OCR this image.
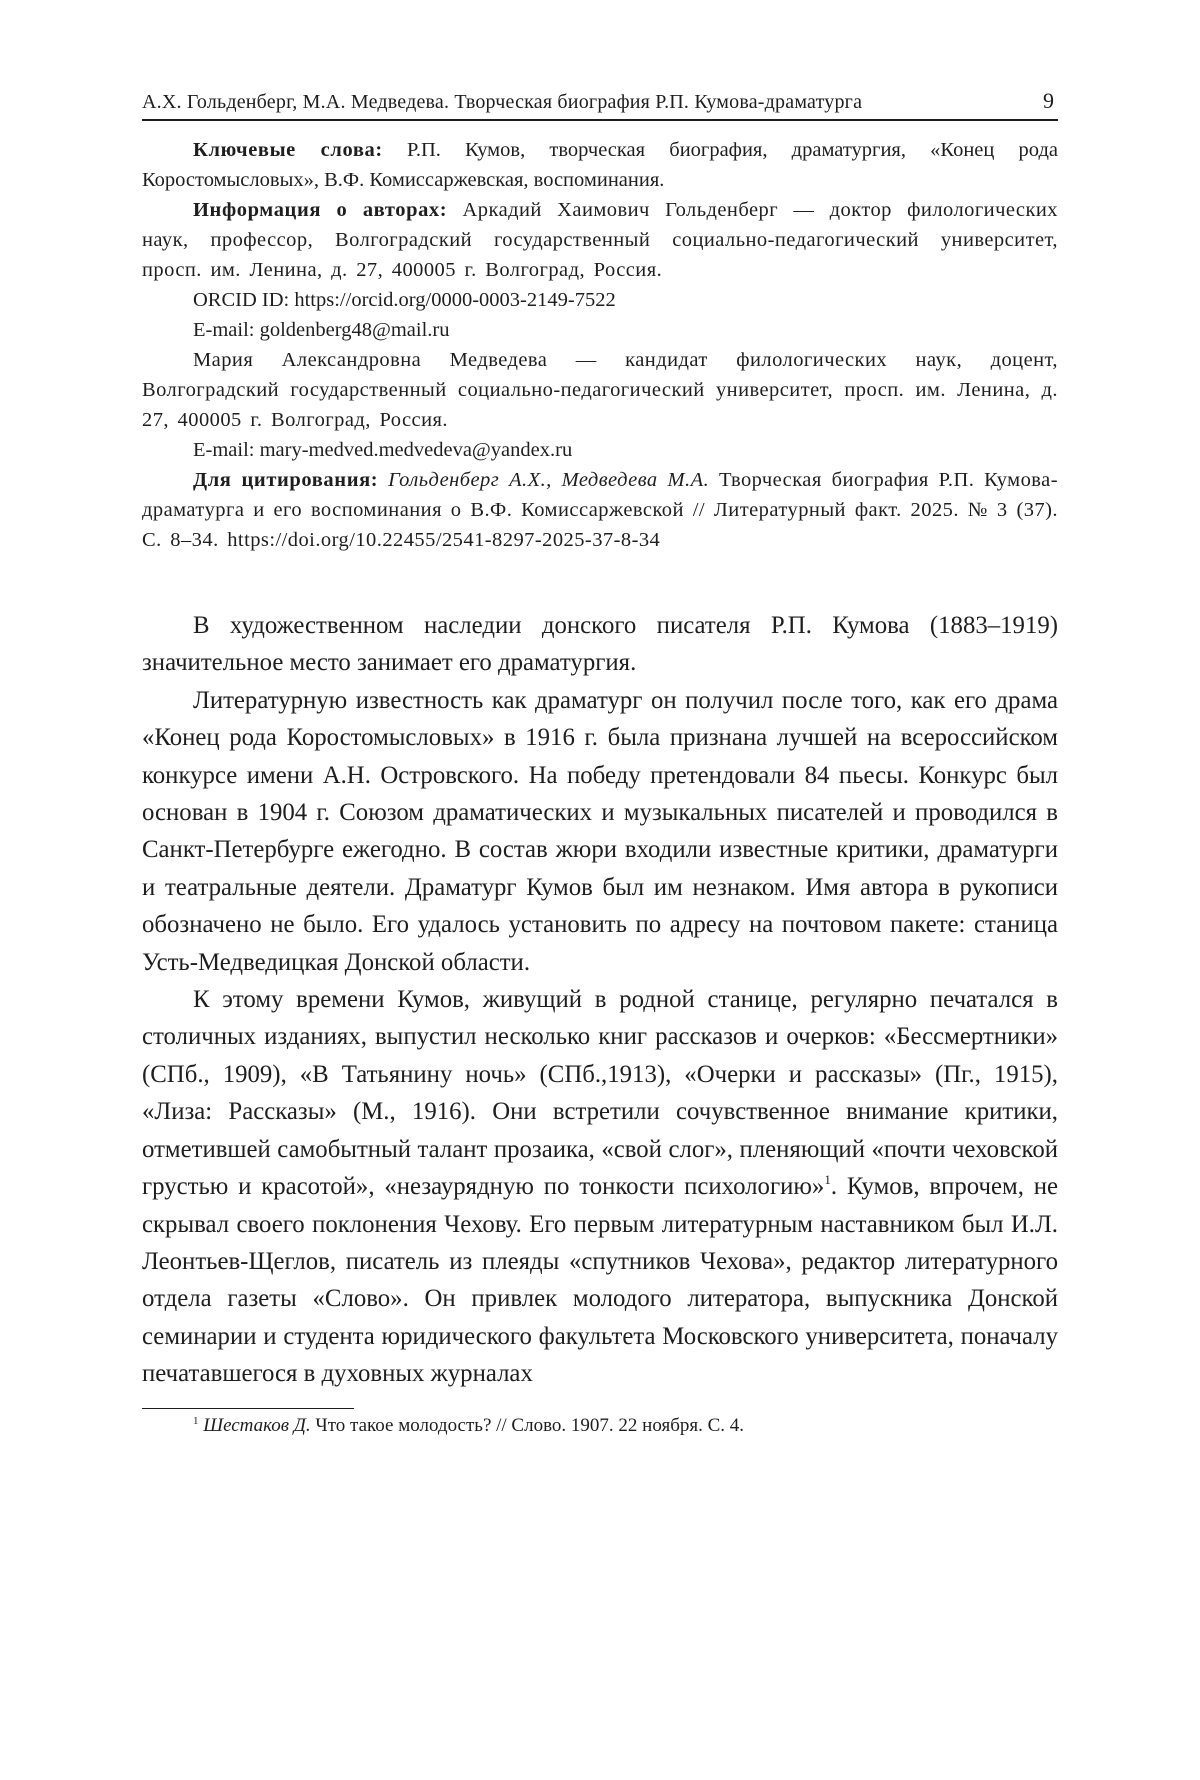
А.Х. Гольденберг, М.А. Медведева. Творческая биография Р.П. Кумова-драматурга	9

Ключевые слова: Р.П. Кумов, творческая биография, драматургия, «Конец рода Коростомысловых», В.Ф. Комиссаржевская, воспоминания.

Информация о авторах: Аркадий Хаимович Гольденберг — доктор филологических наук, профессор, Волгоградский государственный социально-педагогический университет, просп. им. Ленина, д. 27, 400005 г. Волгоград, Россия.

ORCID ID: https://orcid.org/0000-0003-2149-7522

E-mail: goldenberg48@mail.ru

Мария Александровна Медведева — кандидат филологических наук, доцент, Волгоградский государственный социально-педагогический университет, просп. им. Ленина, д. 27, 400005 г. Волгоград, Россия.

E-mail: mary-medved.medvedeva@yandex.ru

Для цитирования: Гольденберг А.Х., Медведева М.А. Творческая биография Р.П. Кумова-драматурга и его воспоминания о В.Ф. Комиссаржевской // Литературный факт. 2025. № 3 (37). С. 8–34. https://doi.org/10.22455/2541-8297-2025-37-8-34

В художественном наследии донского писателя Р.П. Кумова (1883–1919) значительное место занимает его драматургия.

Литературную известность как драматург он получил после того, как его драма «Конец рода Коростомысловых» в 1916 г. была признана лучшей на всероссийском конкурсе имени А.Н. Островского. На победу претендовали 84 пьесы. Конкурс был основан в 1904 г. Союзом драматических и музыкальных писателей и проводился в Санкт-Петербурге ежегодно. В состав жюри входили известные критики, драматурги и театральные деятели. Драматург Кумов был им незнаком. Имя автора в рукописи обозначено не было. Его удалось установить по адресу на почтовом пакете: станица Усть-Медведицкая Донской области.

К этому времени Кумов, живущий в родной станице, регулярно печатался в столичных изданиях, выпустил несколько книг рассказов и очерков: «Бессмертники» (СПб., 1909), «В Татьянину ночь» (СПб.,1913), «Очерки и рассказы» (Пг., 1915), «Лиза: Рассказы» (М., 1916). Они встретили сочувственное внимание критики, отметившей самобытный талант прозаика, «свой слог», пленяющий «почти чеховской грустью и красотой», «незаурядную по тонкости психологию»$^1$. Кумов, впрочем, не скрывал своего поклонения Чехову. Его первым литературным наставником был И.Л. Леонтьев-Щеглов, писатель из плеяды «спутников Чехова», редактор литературного отдела газеты «Слово». Он привлек молодого литератора, выпускника Донской семинарии и студента юридического факультета Московского университета, поначалу печатавшегося в духовных журналах

$^1$ Шестаков Д. Что такое молодость? // Слово. 1907. 22 ноября. С. 4.
